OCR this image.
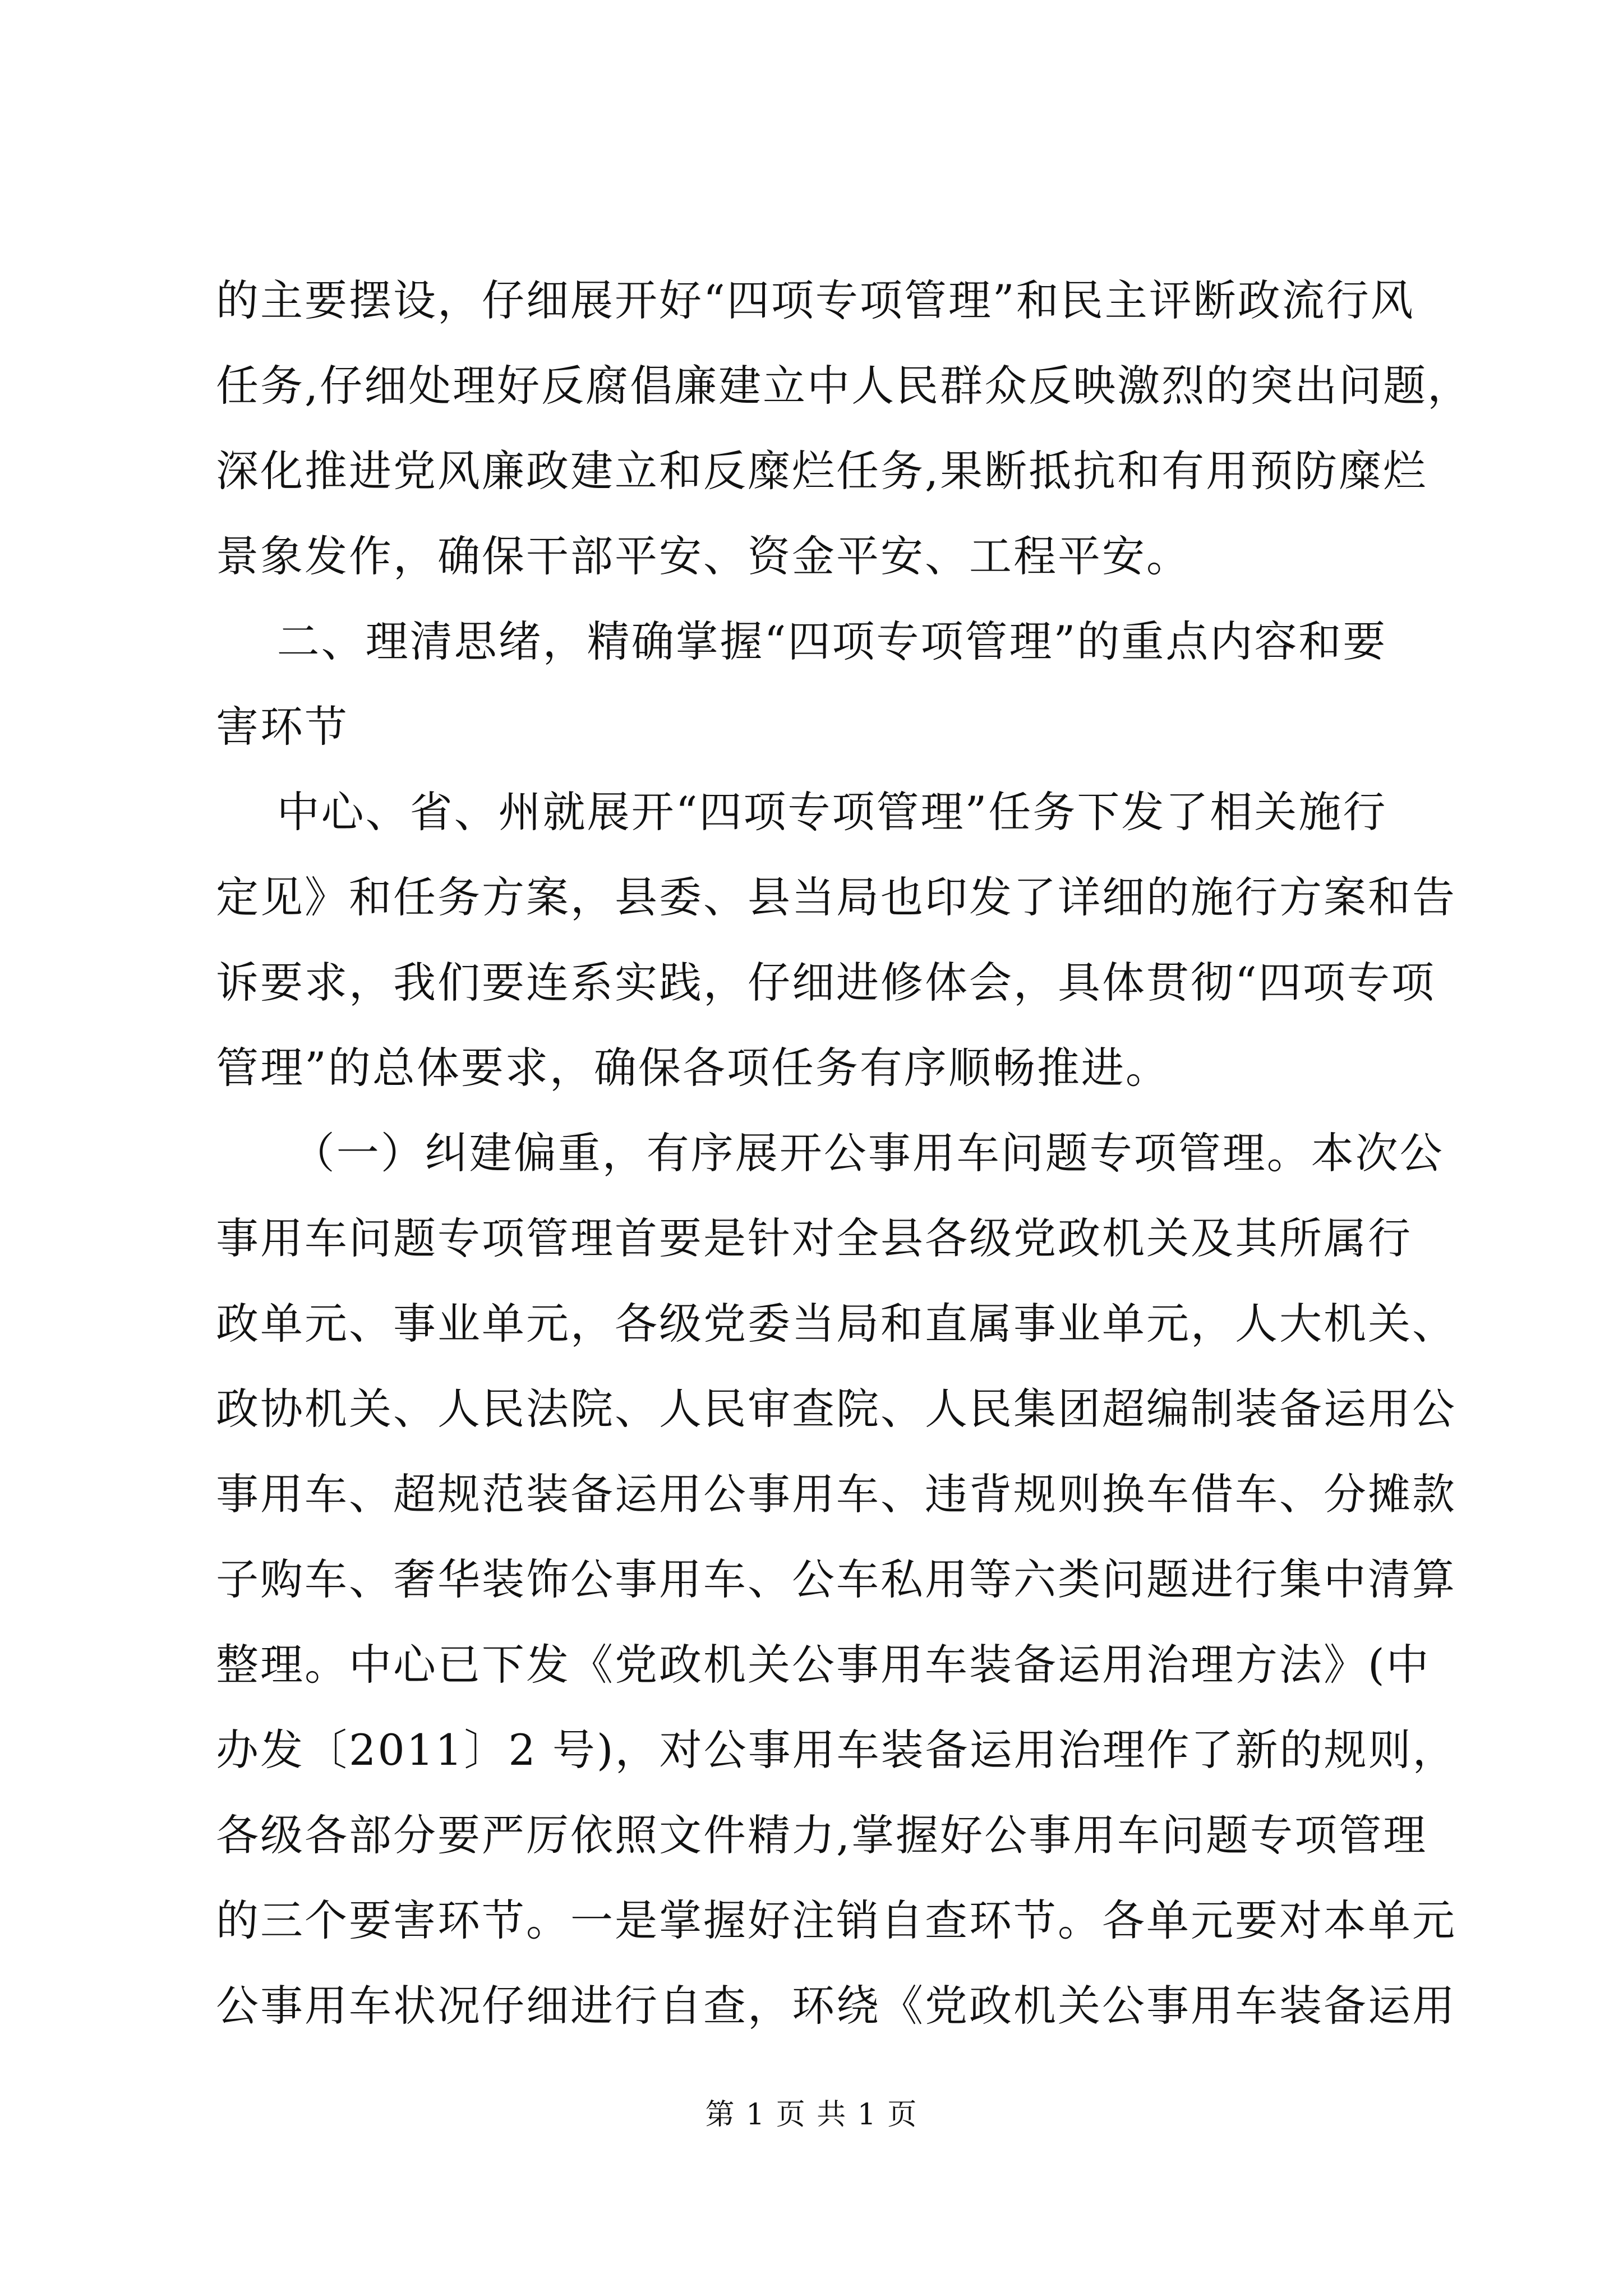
的主要摆设，仔细展开好“四项专项管理”和民主评断政流行风
任务,仔细处理好反腐倡廉建立中人民群众反映激烈的突出问题，
深化推进党风廉政建立和反糜烂任务,果断抵抗和有用预防糜烂
景象发作，确保干部平安、资金平安、工程平安。
二、理清思绪，精确掌握“四项专项管理”的重点内容和要
害环节
中心、省、州就展开“四项专项管理”任务下发了相关施行
定见》和任务方案，县委、县当局也印发了详细的施行方案和告
诉要求，我们要连系实践，仔细进修体会，具体贯彻“四项专项
管理”的总体要求，确保各项任务有序顺畅推进。
（一）纠建偏重，有序展开公事用车问题专项管理。本次公
事用车问题专项管理首要是针对全县各级党政机关及其所属行
政单元、事业单元，各级党委当局和直属事业单元，人大机关、
政协机关、人民法院、人民审查院、人民集团超编制装备运用公
事用车、超规范装备运用公事用车、违背规则换车借车、分摊款
子购车、奢华装饰公事用车、公车私用等六类问题进行集中清算
整理。中心已下发《党政机关公事用车装备运用治理方法》(中
办发〔2011〕2 号)，对公事用车装备运用治理作了新的规则，
各级各部分要严厉依照文件精力,掌握好公事用车问题专项管理
的三个要害环节。一是掌握好注销自查环节。各单元要对本单元
公事用车状况仔细进行自查，环绕《党政机关公事用车装备运用
第 1 页 共 1 页
